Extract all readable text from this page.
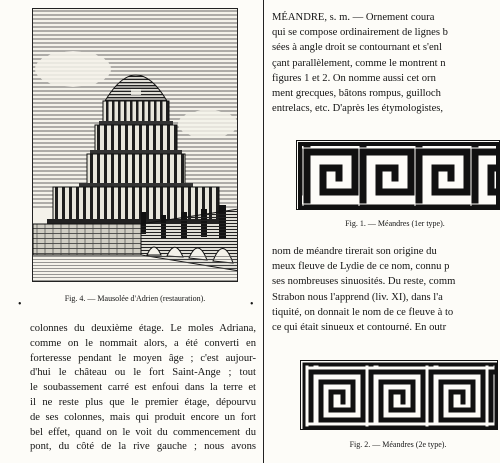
Fig. 4. — Mausolée d'Adrien (restauration).
•	•
colonnes du deuxième étage. Le moles Adriana,
comme on le nommait alors, a été converti en
forteresse pendant le moyen âge ; c'est aujour-
d'hui le château ou le fort Saint-Ange ; tout
le soubassement carré est enfoui dans la terre et
il ne reste plus que le premier étage, dépourvu
de ses colonnes, mais qui produit encore un fort
bel effet, quand on le voit du commencement du
pont, du côté de la rive gauche ; nous avons
MÉANDRE, s. m. — Ornement coura
qui se compose ordinairement de lignes b
sées à angle droit se contournant et s'enl
çant parallèlement, comme le montrent n
figures 1 et 2. On nomme aussi cet orn
ment grecques, bâtons rompus, guilloch
entrelacs, etc. D'après les étymologistes,
o
Fig. 1. — Méandres (1er type).
nom de méandre tirerait son origine du
meux fleuve de Lydie de ce nom, connu p
ses nombreuses sinuosités. Du reste, comm
Strabon nous l'apprend (liv. XI), dans l'a
tiquité, on donnait le nom de ce fleuve à to
ce qui était sinueux et contourné. En outr
Fig. 2. — Méandres (2e type).
